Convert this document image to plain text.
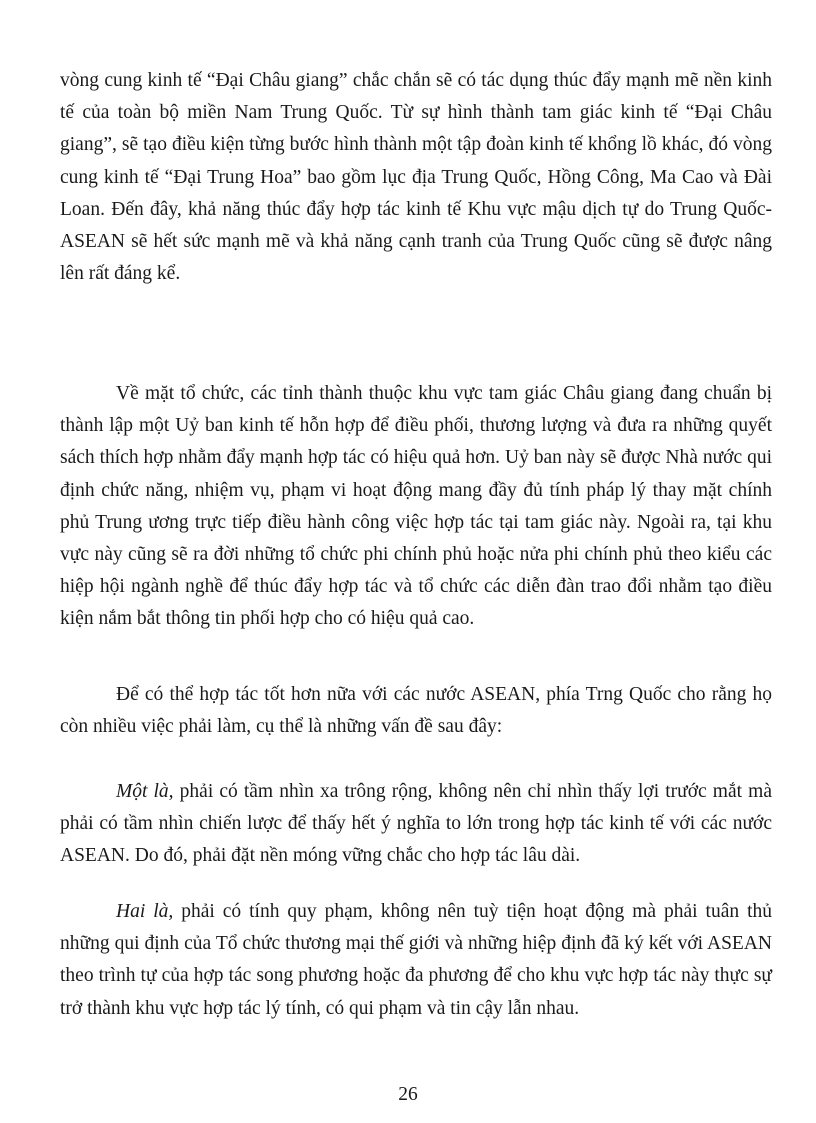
vòng cung kinh tế “Đại Châu giang” chắc chắn sẽ có tác dụng thúc đẩy mạnh mẽ nền kinh tế của toàn bộ miền Nam Trung Quốc. Từ sự hình thành tam giác kinh tế “Đại Châu giang”, sẽ tạo điều kiện từng bước hình thành một tập đoàn kinh tế khổng lồ khác, đó vòng cung kinh tế “Đại Trung Hoa” bao gồm lục địa Trung Quốc, Hồng Công, Ma Cao và Đài Loan. Đến đây, khả năng thúc đẩy hợp tác kinh tế Khu vực mậu dịch tự do Trung Quốc-ASEAN sẽ hết sức mạnh mẽ và khả năng cạnh tranh của Trung Quốc cũng sẽ được nâng lên rất đáng kể.

Về mặt tổ chức, các tỉnh thành thuộc khu vực tam giác Châu giang đang chuẩn bị thành lập một Uỷ ban kinh tế hỗn hợp để điều phối, thương lượng và đưa ra những quyết sách thích hợp nhằm đẩy mạnh hợp tác có hiệu quả hơn. Uỷ ban này sẽ được Nhà nước qui định chức năng, nhiệm vụ, phạm vi hoạt động mang đầy đủ tính pháp lý thay mặt chính phủ Trung ương trực tiếp điều hành công việc hợp tác tại tam giác này. Ngoài ra, tại khu vực này cũng sẽ ra đời những tổ chức phi chính phủ hoặc nửa phi chính phủ theo kiểu các hiệp hội ngành nghề để thúc đẩy hợp tác và tổ chức các diễn đàn trao đổi nhằm tạo điều kiện nắm bắt thông tin phối hợp cho có hiệu quả cao.

Để có thể hợp tác tốt hơn nữa với các nước ASEAN, phía Trng Quốc cho rằng họ còn nhiều việc phải làm, cụ thể là những vấn đề sau đây:

Một là, phải có tầm nhìn xa trông rộng, không nên chỉ nhìn thấy lợi trước mắt mà phải có tầm nhìn chiến lược để thấy hết ý nghĩa to lớn trong hợp tác kinh tế với các nước ASEAN. Do đó, phải đặt nền móng vững chắc cho hợp tác lâu dài.

Hai là, phải có tính quy phạm, không nên tuỳ tiện hoạt động mà phải tuân thủ những qui định của Tổ chức thương mại thế giới và những hiệp định đã ký kết với ASEAN theo trình tự của hợp tác song phương hoặc đa phương để cho khu vực hợp tác này thực sự trở thành khu vực hợp tác lý tính, có qui phạm và tin cậy lẫn nhau.

26
